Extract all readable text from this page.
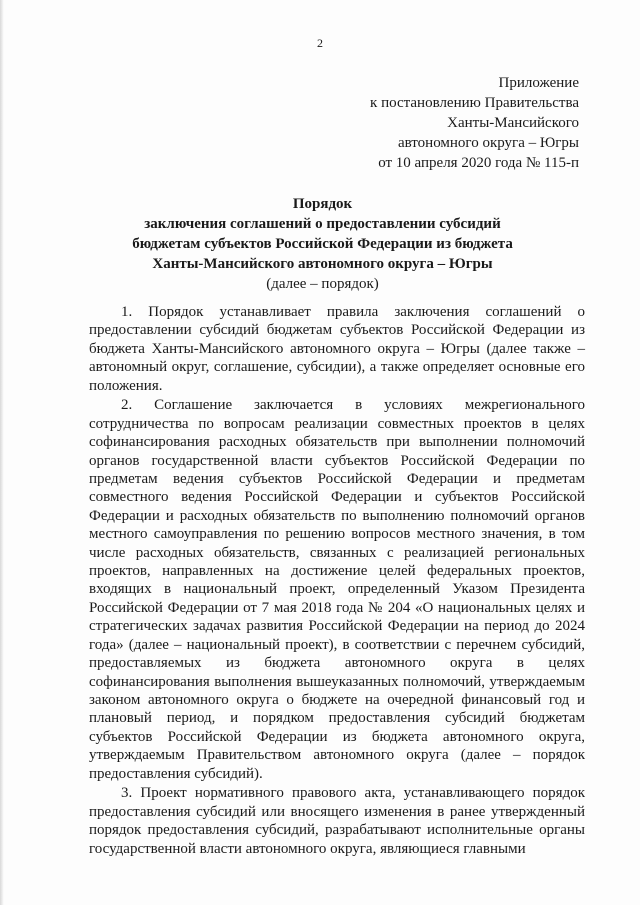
2
Приложение
к постановлению Правительства
Ханты-Мансийского
автономного округа – Югры
от 10 апреля 2020 года № 115-п
Порядок
заключения соглашений о предоставлении субсидий
бюджетам субъектов Российской Федерации из бюджета
Ханты-Мансийского автономного округа – Югры
(далее – порядок)

1. Порядок устанавливает правила заключения соглашений о предоставлении субсидий бюджетам субъектов Российской Федерации из бюджета Ханты-Мансийского автономного округа – Югры (далее также – автономный округ, соглашение, субсидии), а также определяет основные его положения.

2. Соглашение заключается в условиях межрегионального сотрудничества по вопросам реализации совместных проектов в целях софинансирования расходных обязательств при выполнении полномочий органов государственной власти субъектов Российской Федерации по предметам ведения субъектов Российской Федерации и предметам совместного ведения Российской Федерации и субъектов Российской Федерации и расходных обязательств по выполнению полномочий органов местного самоуправления по решению вопросов местного значения, в том числе расходных обязательств, связанных с реализацией региональных проектов, направленных на достижение целей федеральных проектов, входящих в национальный проект, определенный Указом Президента Российской Федерации от 7 мая 2018 года № 204 «О национальных целях и стратегических задачах развития Российской Федерации на период до 2024 года» (далее – национальный проект), в соответствии с перечнем субсидий, предоставляемых из бюджета автономного округа в целях софинансирования выполнения вышеуказанных полномочий, утверждаемым законом автономного округа о бюджете на очередной финансовый год и плановый период, и порядком предоставления субсидий бюджетам субъектов Российской Федерации из бюджета автономного округа, утверждаемым Правительством автономного округа (далее – порядок предоставления субсидий).

3. Проект нормативного правового акта, устанавливающего порядок предоставления субсидий или вносящего изменения в ранее утвержденный порядок предоставления субсидий, разрабатывают исполнительные органы государственной власти автономного округа, являющиеся главными
